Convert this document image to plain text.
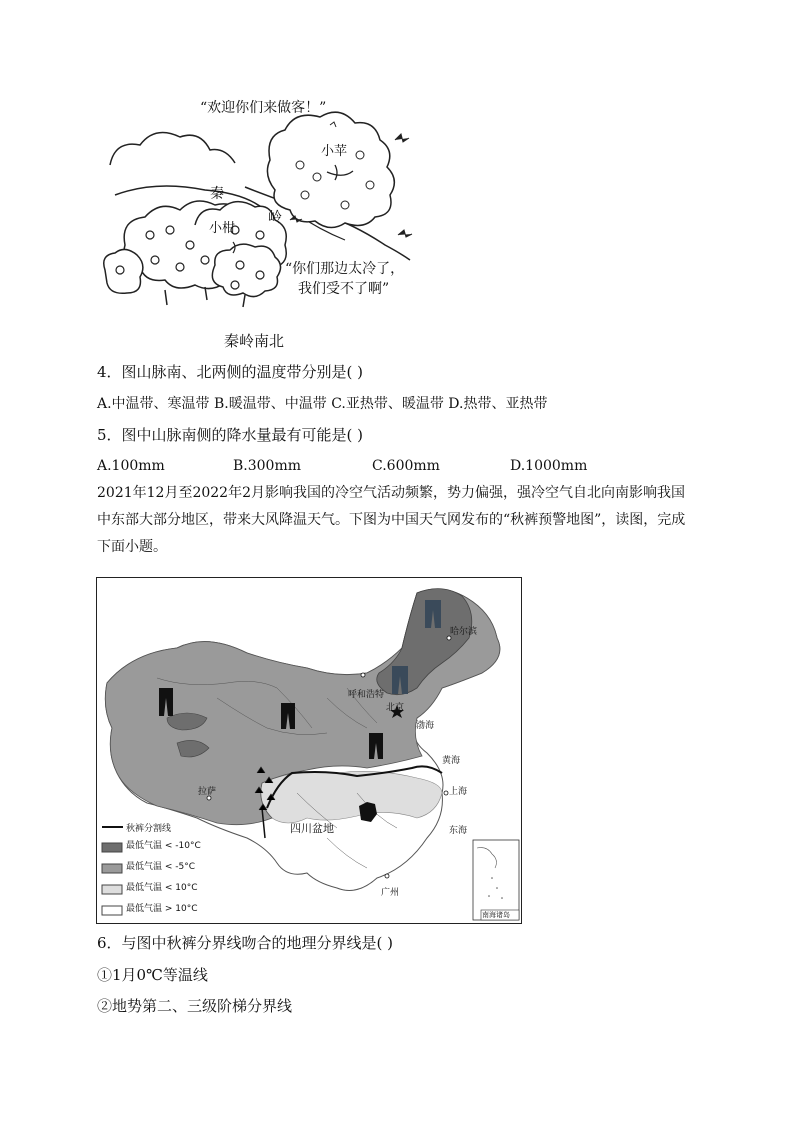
“欢迎你们来做客！”
秦
岭
小苹
小柑
“你们那边太冷了，
我们受不了啊”
秦岭南北
4．图山脉南、北两侧的温度带分别是( )
A.中温带、寒温带 B.暖温带、中温带 C.亚热带、暖温带 D.热带、亚热带
5．图中山脉南侧的降水量最有可能是( )
A.100mm	B.300mm	C.600mm	D.1000mm
2021年12月至2022年2月影响我国的冷空气活动频繁，势力偏强，强冷空气自北向南影响我国中东部大部分地区，带来大风降温天气。下图为中国天气网发布的“秋裤预警地图”，读图，完成下面小题。
哈尔滨
呼和浩特
北京
渤海
黄海
上海
拉萨
四川盆地	东海
广州
南海诸岛
秋裤分割线
最低气温 < -10°C
最低气温 < -5°C
最低气温 < 10°C
最低气温 > 10°C
6．与图中秋裤分界线吻合的地理分界线是( )
①1月0℃等温线
②地势第二、三级阶梯分界线
